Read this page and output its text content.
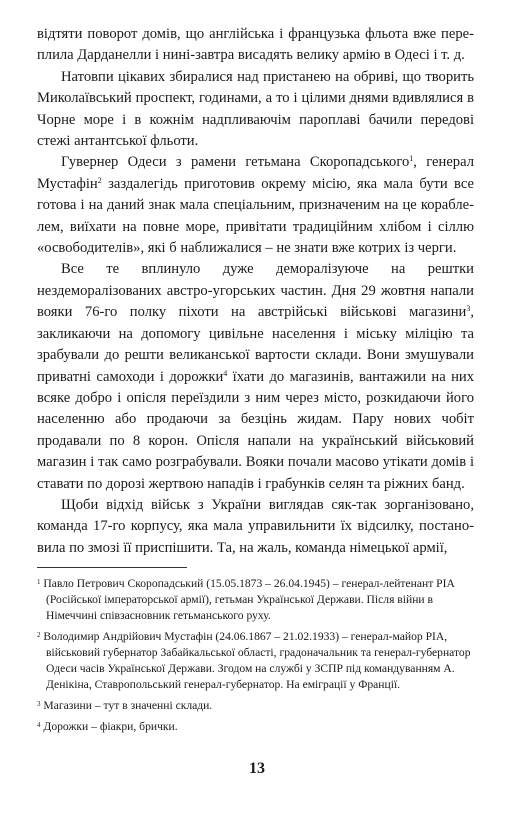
відтяти поворот домів, що англійська і французька фльота вже переплила Дарданелли і нині-завтра висадять велику армію в Одесі і т. д.

Натовпи цікавих збиралися над пристанею на обриві, що творить Миколаївський проспект, годинами, а то і цілими днями вдивлялися в Чорне море і в кожнім надпливаючім пароплаві бачили передові стежі антантської фльоти.

Гувернер Одеси з рамени гетьмана Скоропадського$^1$, генерал Мустафін$^2$ заздалегідь приготовив окрему місію, яка мала бути все готова і на даний знак мала спеціальним, призначеним на це кораблелем, виїхати на повне море, привітати традиційним хлібом і сіллю «освободителів», які б наближалися – не знати вже котрих із черги.

Все те вплинуло дуже деморалізуюче на рештки нездеморалізованих австро-угорських частин. Дня 29 жовтня напали вояки 76-го полку піхоти на австрійські військові магазини$^3$, закликаючи на допомогу цивільне населення і міську міліцію та зрабували до решти великанської вартости склади. Вони змушували приватні самоходи і дорожки$^4$ їхати до магазинів, вантажили на них всяке добро і опісля переїздили з ним через місто, розкидаючи його населенню або продаючи за безцінь жидам. Пару нових чобіт продавали по 8 корон. Опісля напали на український військовий магазин і так само розграбували. Вояки почали масово утікати домів і ставати по дорозі жертвою нападів і грабунків селян та ріжних банд.

Щоби відхід військ з України виглядав сяк-так зорганізовано, команда 17-го корпусу, яка мала управильнити їх відсилку, постановила по змозі її приспішити. Та, на жаль, команда німецької армії,

$^1$ Павло Петрович Скоропадський (15.05.1873 – 26.04.1945) – генерал-лейтенант РІА (Російської імператорської армії), гетьман Української Держави. Після війни в Німеччині співзасновник гетьманського руху.

$^2$ Володимир Андрійович Мустафін (24.06.1867 – 21.02.1933) – генерал-майор РІА, військовий губернатор Забайкальської області, градоначальник та генерал-губернатор Одеси часів Української Держави. Згодом на службі у ЗСПР під командуванням А. Денікіна, Ставропольський генерал-губернатор. На еміграції у Франції.

$^3$ Магазини – тут в значенні склади.

$^4$ Дорожки – фіакри, брички.

13
